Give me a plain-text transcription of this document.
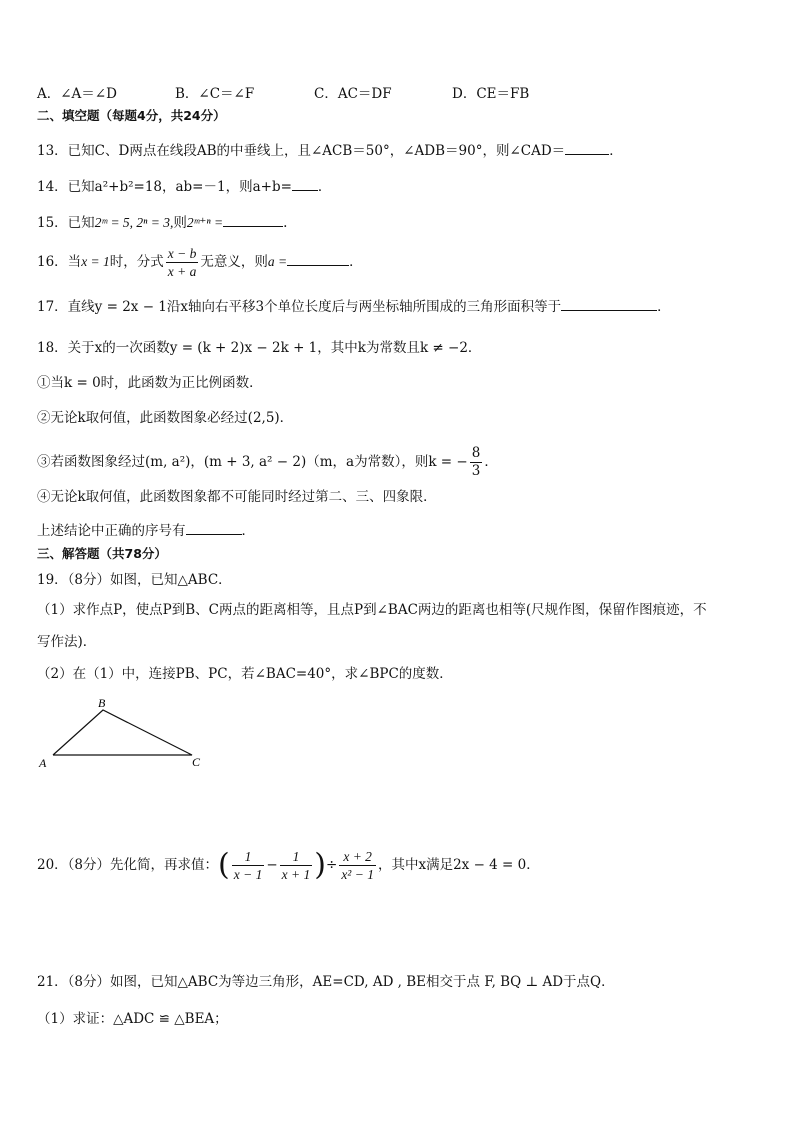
A．∠A＝∠D	B．∠C＝∠F	C．AC＝DF	D．CE＝FB
二、填空题（每题4分，共24分）
13．已知C、D两点在线段AB的中垂线上，且∠ACB＝50°，∠ADB＝90°，则∠CAD＝	．
14．已知a²+b²=18，ab=－1，则a+b= ．
15．已知2ᵐ = 5, 2ⁿ = 3,则2ᵐ⁺ⁿ =	.
16．当x = 1时，分式 $\frac{x - b}{x + a}$ 无意义，则a =	．
17．直线y = 2x − 1沿x轴向右平移3个单位长度后与两坐标轴所围成的三角形面积等于	．
18．关于x的一次函数y = (k + 2)x − 2k + 1，其中k为常数且k ≠ −2．
①当k = 0时，此函数为正比例函数．
②无论k取何值，此函数图象必经过(2,5)．
③若函数图象经过(m, a²)，(m + 3, a² − 2)（m，a为常数），则k = − $\frac{8}{3}$ ．
④无论k取何值，此函数图象都不可能同时经过第二、三、四象限．
上述结论中正确的序号有	．
三、解答题（共78分）
19．（8分）如图，已知△ABC．
（1）求作点P，使点P到B、C两点的距离相等，且点P到∠BAC两边的距离也相等(尺规作图，保留作图痕迹，不
写作法)．
（2）在（1）中，连接PB、PC，若∠BAC=40°，求∠BPC的度数．
A
B
C
20．（8分）先化简，再求值：( $\frac{1}{x - 1} - \frac{1}{x + 1}$ )÷ $\frac{x + 2}{\text{x² − 1}}$ ，其中x满足2x − 4 = 0．
21．（8分）如图，已知△ABC为等边三角形，AE=CD, AD , BE相交于点 F, BQ ⊥ AD于点Q．
（1）求证：△ADC ≌ △BEA；
